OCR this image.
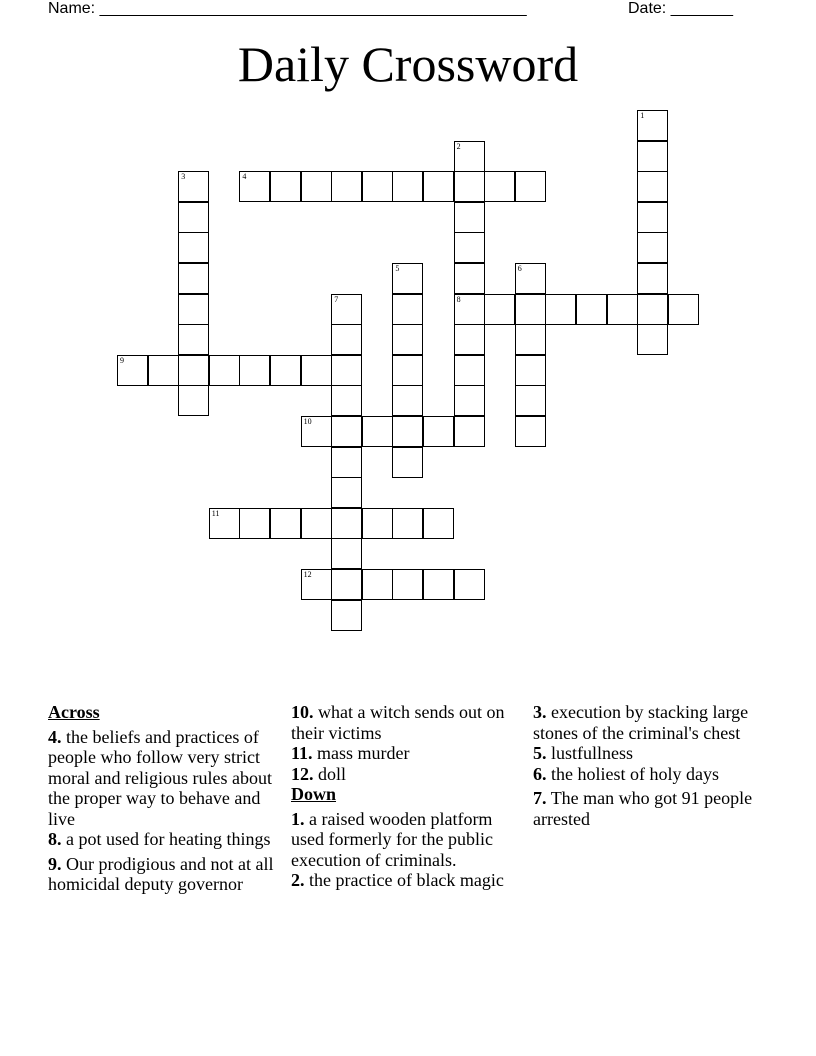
Name: ________________________________________________	Date: _______
Daily Crossword
1
2
8
3	4
5	6
7
9
10
11
12
Across
4. the beliefs and practices of people who follow very strict moral and religious rules about the proper way to behave and live
8. a pot used for heating things
9. Our prodigious and not at all homicidal deputy governor
10. what a witch sends out on their victims
11. mass murder
12. doll
Down
1. a raised wooden platform used formerly for the public execution of criminals.
2. the practice of black magic
3. execution by stacking large stones of the criminal's chest
5. lustfullness
6. the holiest of holy days
7. The man who got 91 people arrested
